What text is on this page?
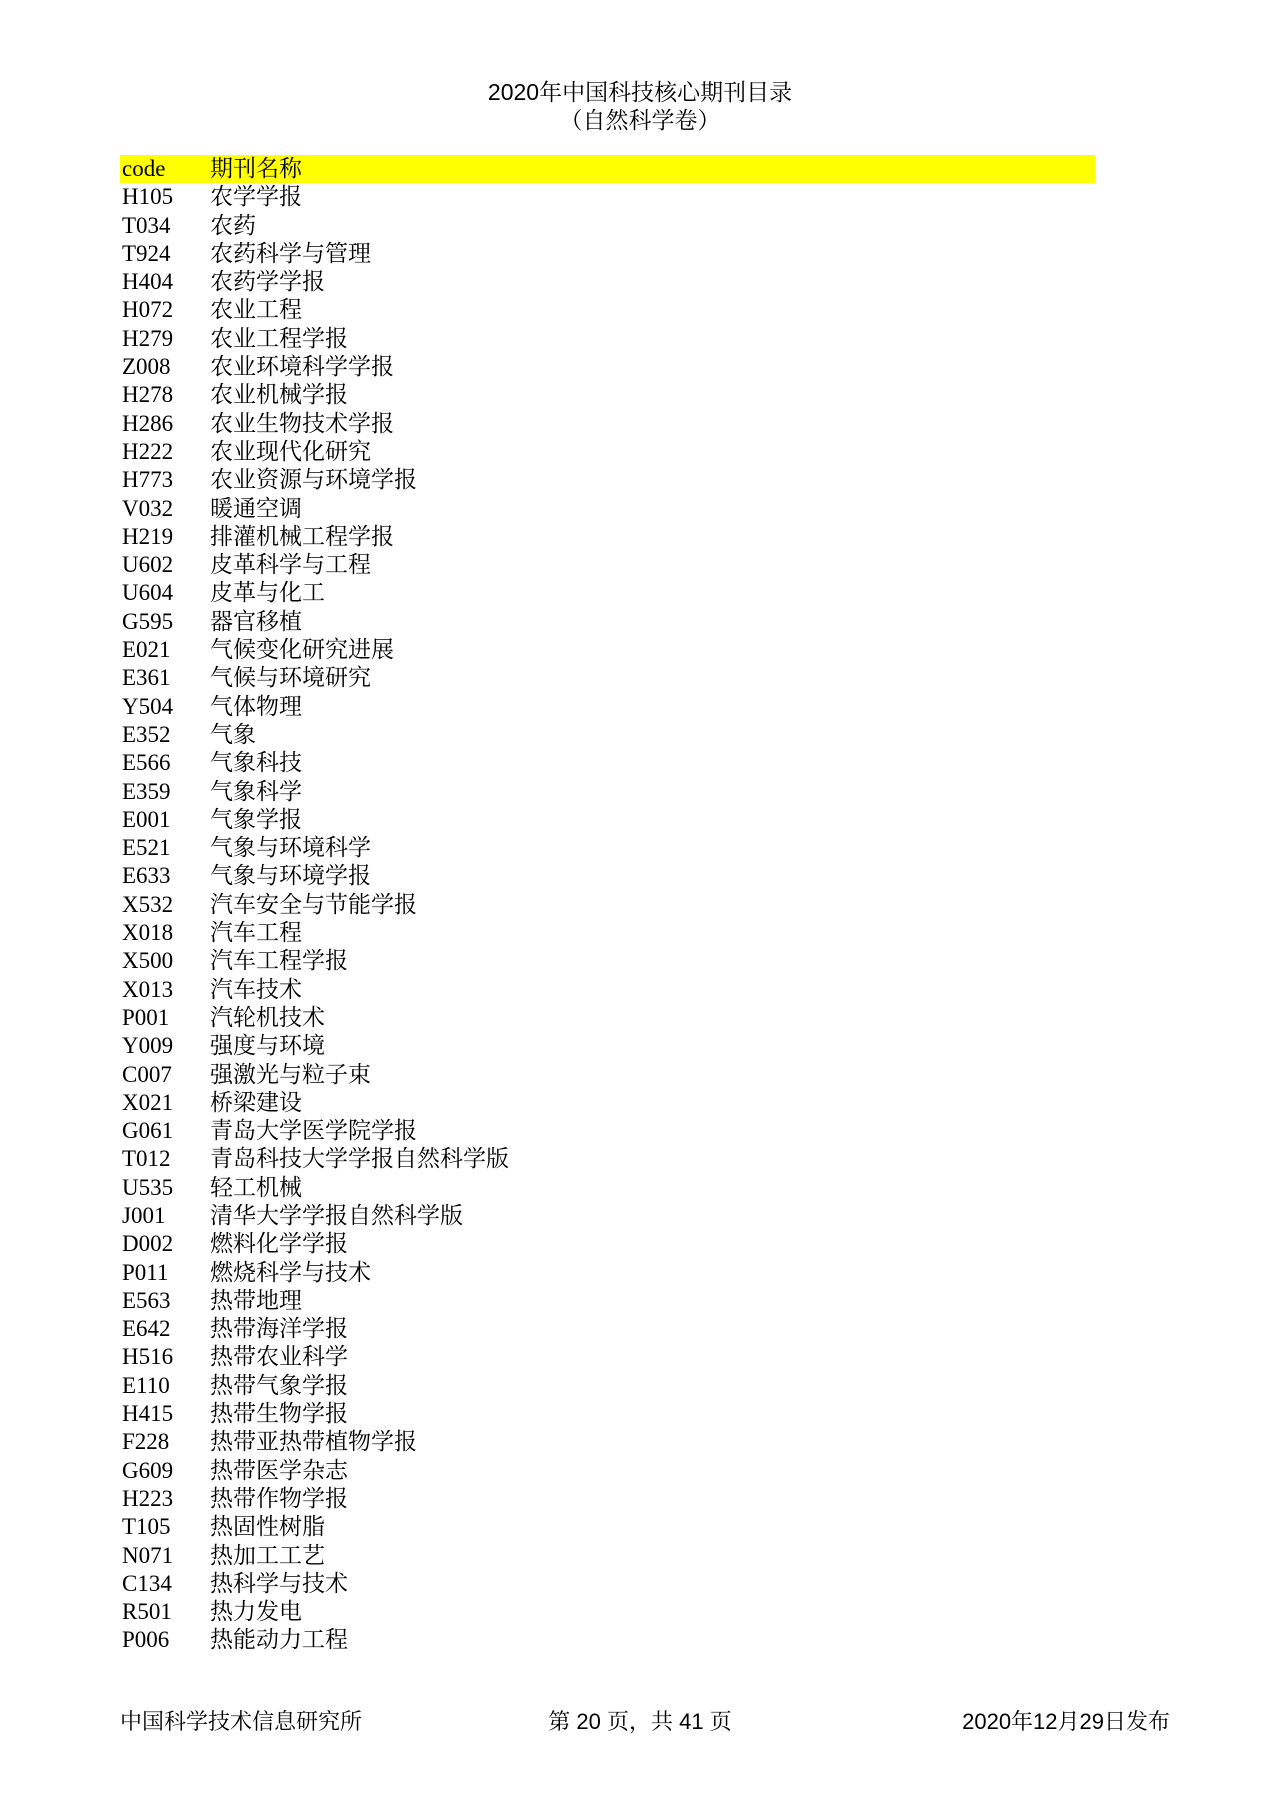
2020年中国科技核心期刊目录
（自然科学卷）
code 期刊名称
H105 农学学报
T034 农药
T924 农药科学与管理
H404 农药学学报
H072 农业工程
H279 农业工程学报
Z008 农业环境科学学报
H278 农业机械学报
H286 农业生物技术学报
H222 农业现代化研究
H773 农业资源与环境学报
V032 暖通空调
H219 排灌机械工程学报
U602 皮革科学与工程
U604 皮革与化工
G595 器官移植
E021 气候变化研究进展
E361 气候与环境研究
Y504 气体物理
E352 气象
E566 气象科技
E359 气象科学
E001 气象学报
E521 气象与环境科学
E633 气象与环境学报
X532 汽车安全与节能学报
X018 汽车工程
X500 汽车工程学报
X013 汽车技术
P001 汽轮机技术
Y009 强度与环境
C007 强激光与粒子束
X021 桥梁建设
G061 青岛大学医学院学报
T012 青岛科技大学学报自然科学版
U535 轻工机械
J001 清华大学学报自然科学版
D002 燃料化学学报
P011 燃烧科学与技术
E563 热带地理
E642 热带海洋学报
H516 热带农业科学
E110 热带气象学报
H415 热带生物学报
F228 热带亚热带植物学报
G609 热带医学杂志
H223 热带作物学报
T105 热固性树脂
N071 热加工工艺
C134 热科学与技术
R501 热力发电
P006 热能动力工程
中国科学技术信息研究所	第 20 页，共 41 页	2020年12月29日发布
